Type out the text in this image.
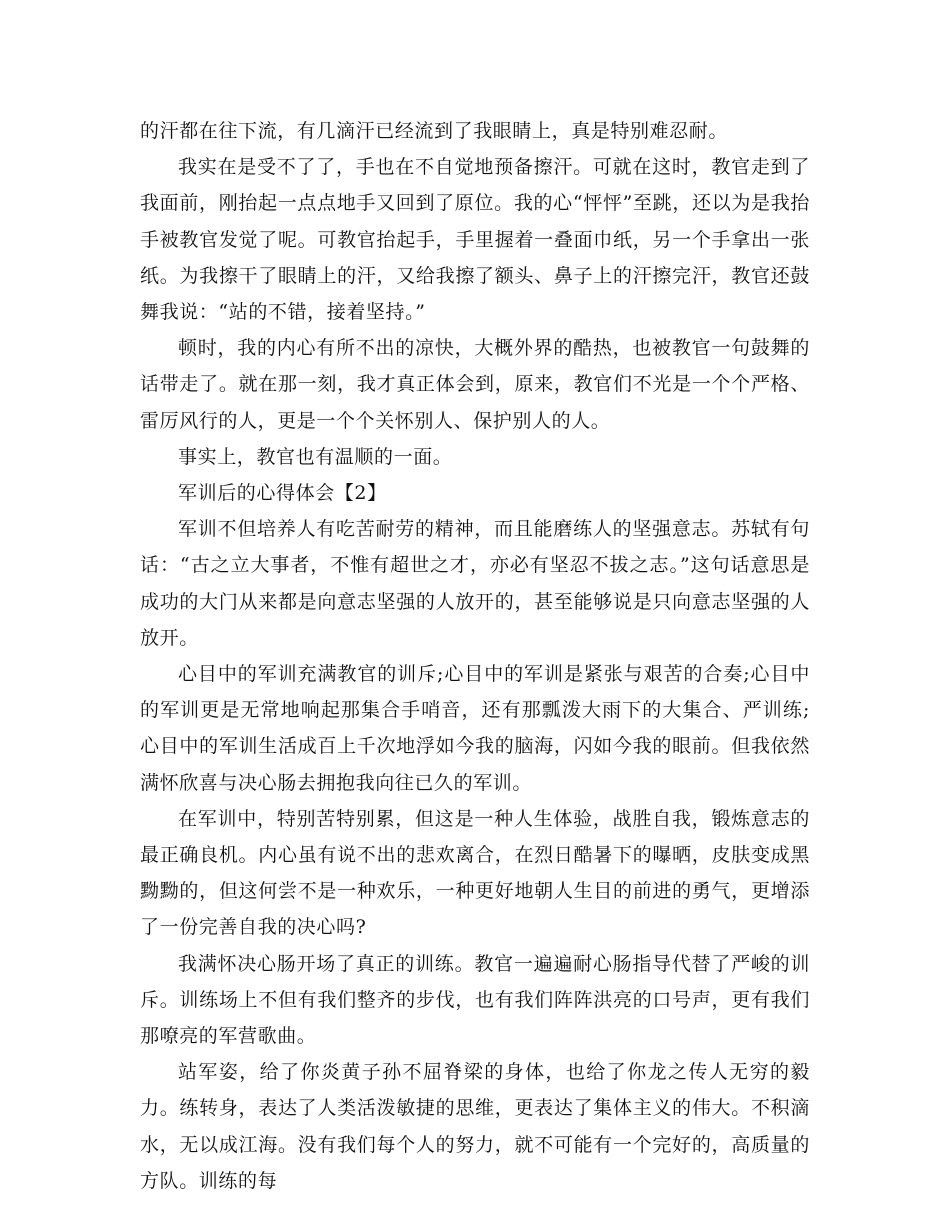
的汗都在往下流，有几滴汗已经流到了我眼睛上，真是特别难忍耐。

我实在是受不了了，手也在不自觉地预备擦汗。可就在这时，教官走到了我面前，刚抬起一点点地手又回到了原位。我的心“怦怦”至跳，还以为是我抬手被教官发觉了呢。可教官抬起手，手里握着一叠面巾纸，另一个手拿出一张纸。为我擦干了眼睛上的汗，又给我擦了额头、鼻子上的汗擦完汗，教官还鼓舞我说：“站的不错，接着坚持。”

顿时，我的内心有所不出的凉快，大概外界的酷热，也被教官一句鼓舞的话带走了。就在那一刻，我才真正体会到，原来，教官们不光是一个个严格、雷厉风行的人，更是一个个关怀别人、保护别人的人。

事实上，教官也有温顺的一面。

军训后的心得体会【2】

军训不但培养人有吃苦耐劳的精神，而且能磨练人的坚强意志。苏轼有句话：“古之立大事者，不惟有超世之才，亦必有坚忍不拔之志。”这句话意思是成功的大门从来都是向意志坚强的人放开的，甚至能够说是只向意志坚强的人放开。

心目中的军训充满教官的训斥;心目中的军训是紧张与艰苦的合奏;心目中的军训更是无常地响起那集合手哨音，还有那瓢泼大雨下的大集合、严训练;心目中的军训生活成百上千次地浮如今我的脑海，闪如今我的眼前。但我依然满怀欣喜与决心肠去拥抱我向往已久的军训。

在军训中，特别苦特别累，但这是一种人生体验，战胜自我，锻炼意志的最正确良机。内心虽有说不出的悲欢离合，在烈日酷暑下的曝晒，皮肤变成黑黝黝的，但这何尝不是一种欢乐，一种更好地朝人生目的前进的勇气，更增添了一份完善自我的决心吗?

我满怀决心肠开场了真正的训练。教官一遍遍耐心肠指导代替了严峻的训斥。训练场上不但有我们整齐的步伐，也有我们阵阵洪亮的口号声，更有我们那嘹亮的军营歌曲。

站军姿，给了你炎黄子孙不屈脊梁的身体，也给了你龙之传人无穷的毅力。练转身，表达了人类活泼敏捷的思维，更表达了集体主义的伟大。不积滴水，无以成江海。没有我们每个人的努力，就不可能有一个完好的，高质量的方队。训练的每
